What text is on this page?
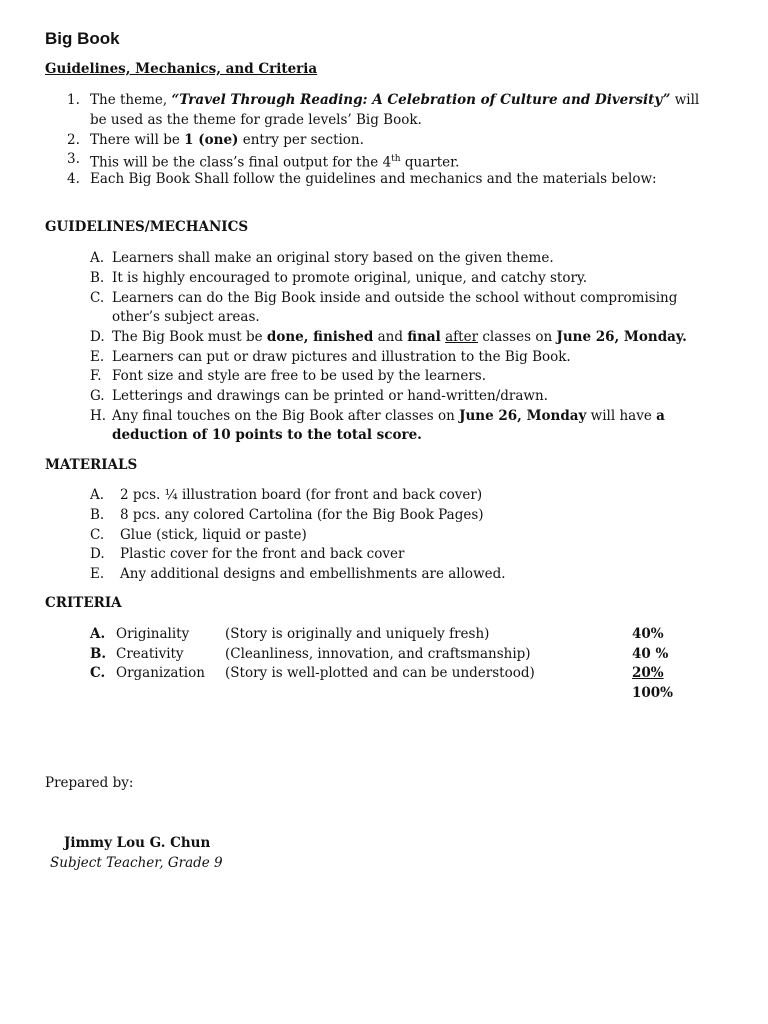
Big Book
Guidelines, Mechanics, and Criteria
1. The theme, “Travel Through Reading: A Celebration of Culture and Diversity” will
be used as the theme for grade levels’ Big Book.
2. There will be 1 (one) entry per section.
3. This will be the class’s final output for the 4th quarter.
4. Each Big Book Shall follow the guidelines and mechanics and the materials below:
GUIDELINES/MECHANICS
A. Learners shall make an original story based on the given theme.
B. It is highly encouraged to promote original, unique, and catchy story.
C. Learners can do the Big Book inside and outside the school without compromising
other’s subject areas.
D. The Big Book must be done, finished and final after classes on June 26, Monday.
E. Learners can put or draw pictures and illustration to the Big Book.
F. Font size and style are free to be used by the learners.
G. Letterings and drawings can be printed or hand-written/drawn.
H. Any final touches on the Big Book after classes on June 26, Monday will have a
deduction of 10 points to the total score.
MATERIALS
A. 2 pcs. ¼ illustration board (for front and back cover)
B. 8 pcs. any colored Cartolina (for the Big Book Pages)
C. Glue (stick, liquid or paste)
D. Plastic cover for the front and back cover
E. Any additional designs and embellishments are allowed.
CRITERIA
A. Originality	(Story is originally and uniquely fresh)	40%
B. Creativity	(Cleanliness, innovation, and craftsmanship)	40 %
C. Organization (Story is well-plotted and can be understood)	20%
100%
Prepared by:
Jimmy Lou G. Chun
Subject Teacher, Grade 9
